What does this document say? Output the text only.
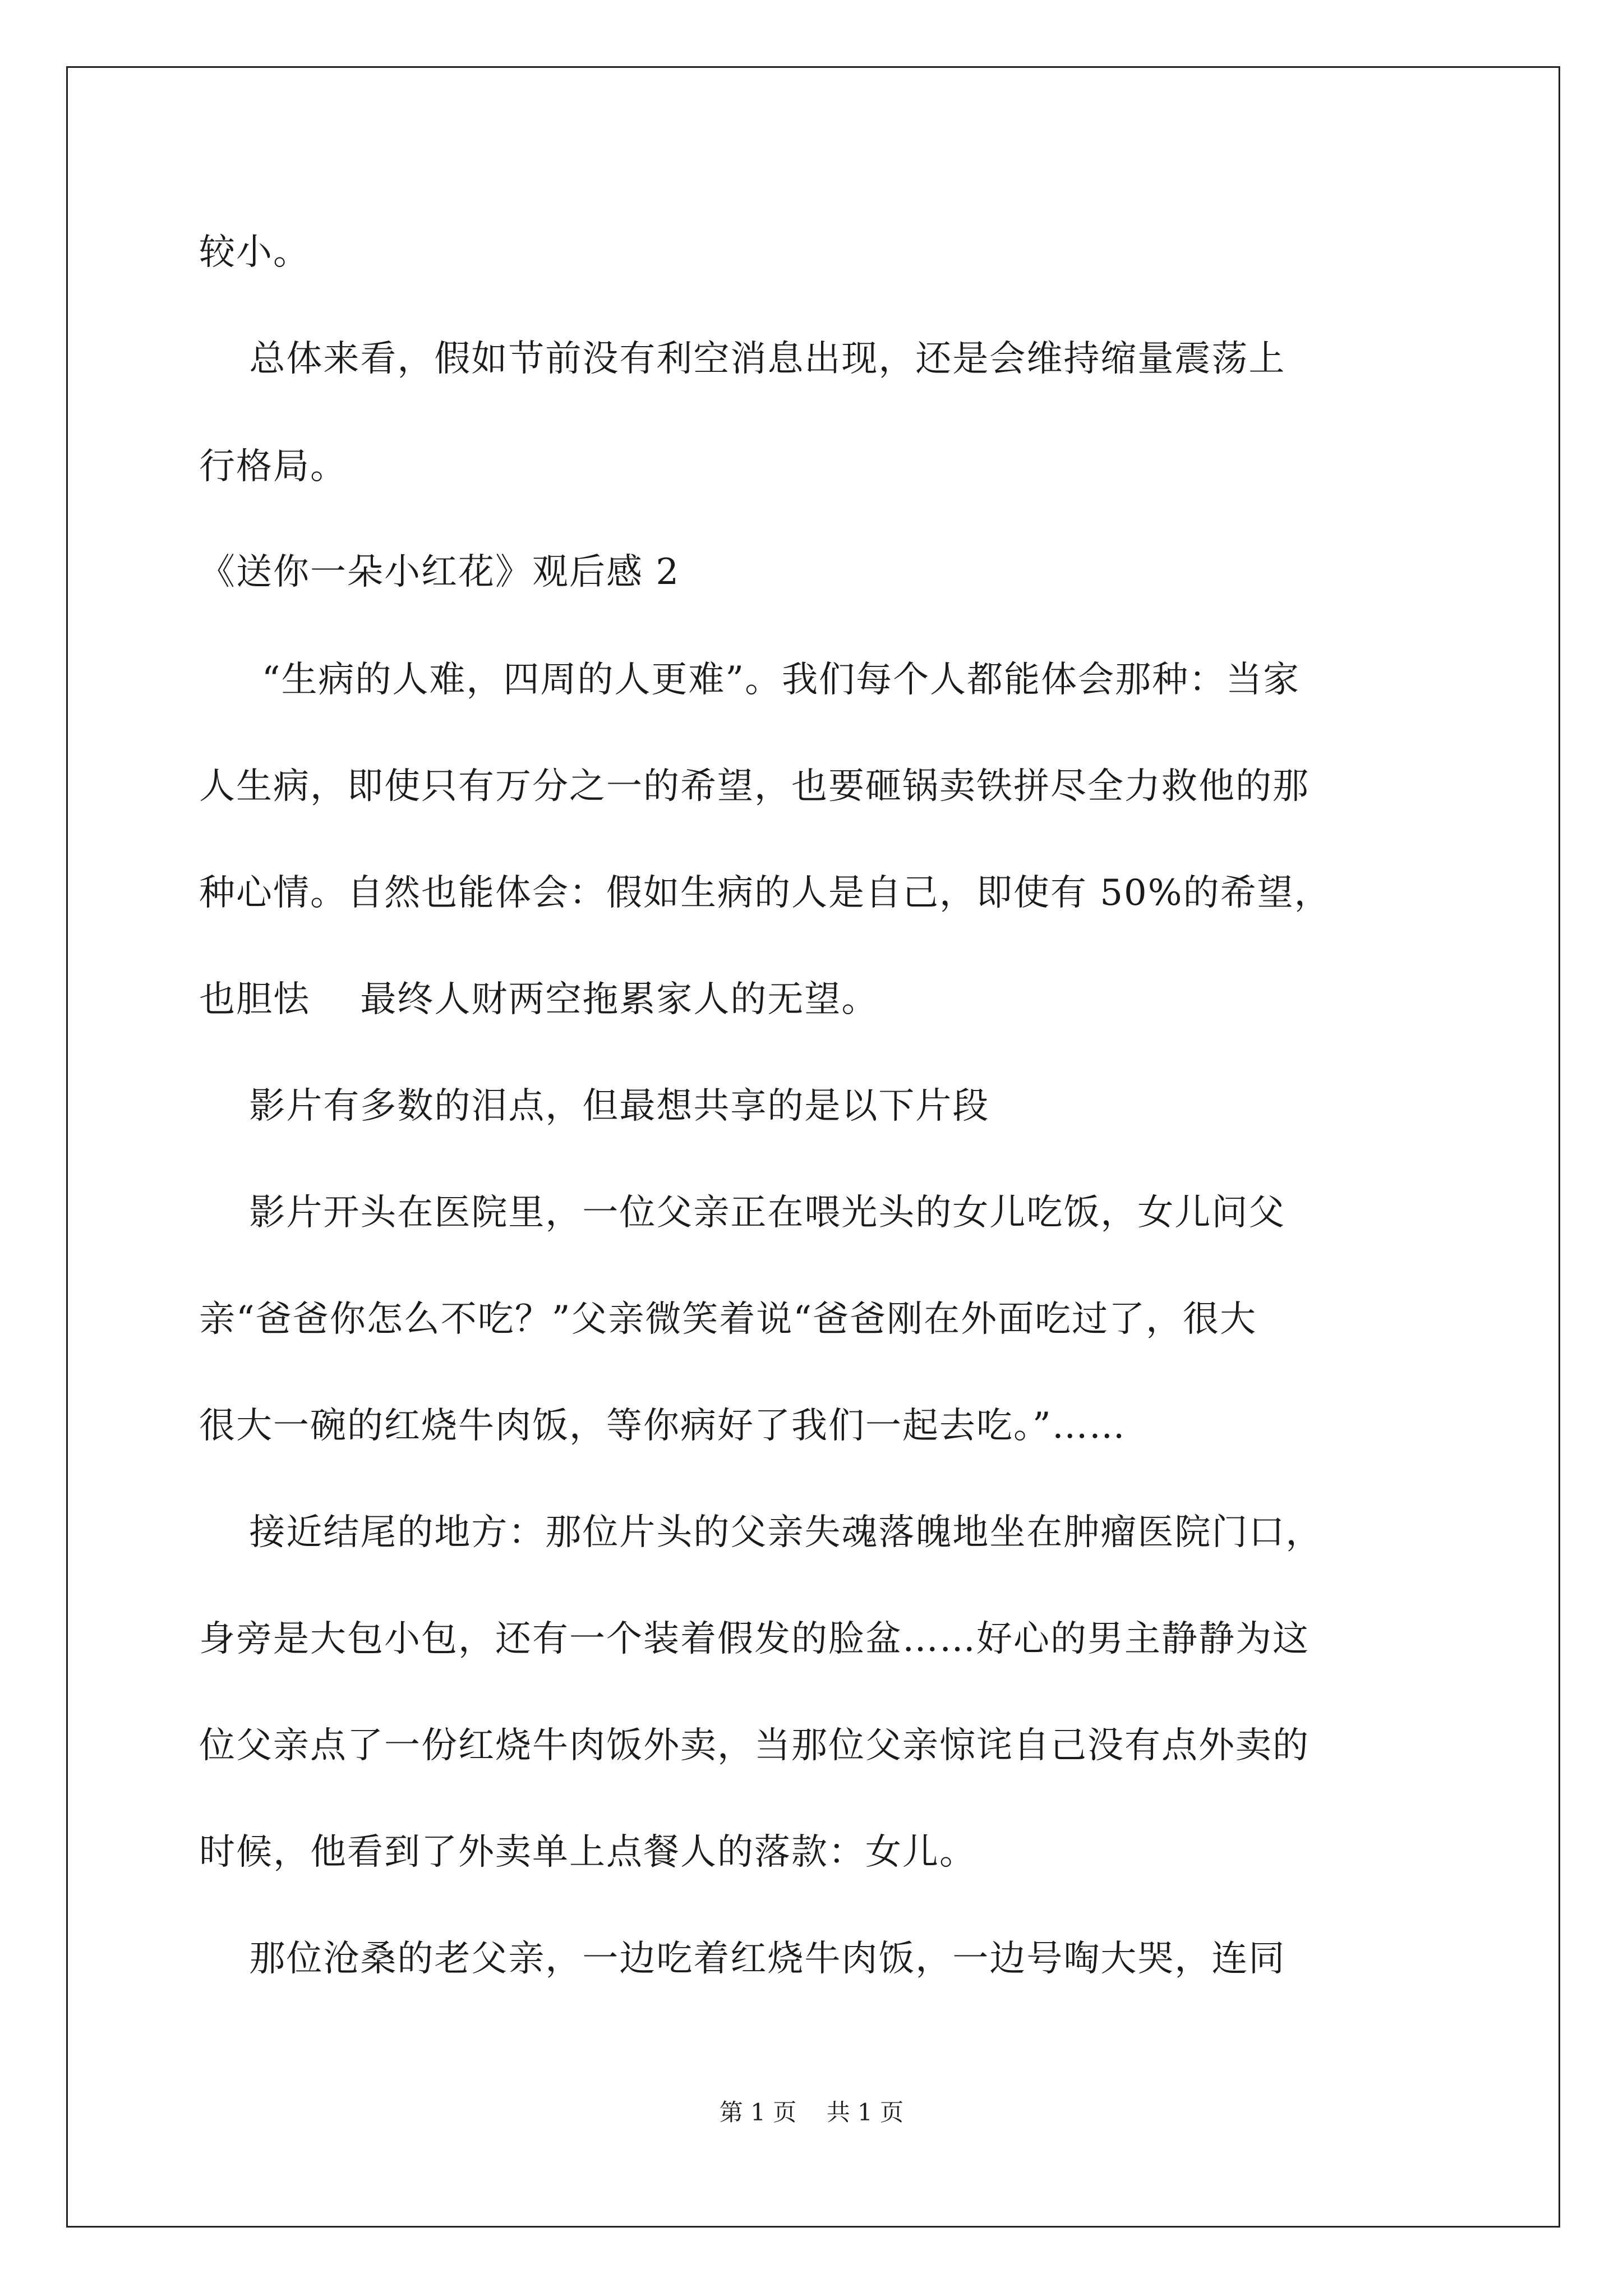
较小。
总体来看，假如节前没有利空消息出现，还是会维持缩量震荡上
行格局。
《送你一朵小红花》观后感 2
“生病的人难，四周的人更难”。我们每个人都能体会那种：当家
人生病，即使只有万分之一的希望，也要砸锅卖铁拼尽全力救他的那
种心情。自然也能体会：假如生病的人是自己，即使有 50%的希望，
也胆怯    最终人财两空拖累家人的无望。
影片有多数的泪点，但最想共享的是以下片段
影片开头在医院里，一位父亲正在喂光头的女儿吃饭，女儿问父
亲“爸爸你怎么不吃？”父亲微笑着说“爸爸刚在外面吃过了，很大
很大一碗的红烧牛肉饭，等你病好了我们一起去吃。”……
接近结尾的地方：那位片头的父亲失魂落魄地坐在肿瘤医院门口，
身旁是大包小包，还有一个装着假发的脸盆……好心的男主静静为这
位父亲点了一份红烧牛肉饭外卖，当那位父亲惊诧自己没有点外卖的
时候，他看到了外卖单上点餐人的落款：女儿。
那位沧桑的老父亲，一边吃着红烧牛肉饭，一边号啕大哭，连同
第 1 页    共 1 页
